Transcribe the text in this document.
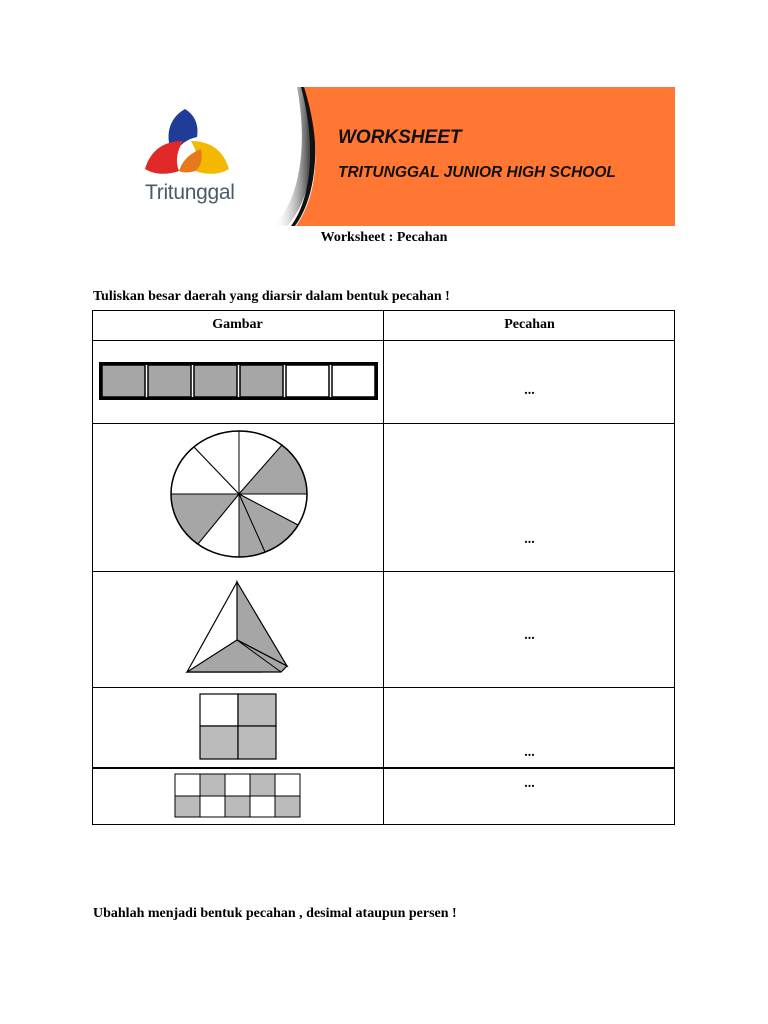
Tritunggal
WORKSHEET
TRITUNGGAL JUNIOR HIGH SCHOOL
Worksheet : Pecahan
Tuliskan besar daerah yang diarsir dalam bentuk pecahan !
Gambar	Pecahan
...
...
...
...
...
Ubahlah menjadi bentuk pecahan , desimal ataupun persen !
